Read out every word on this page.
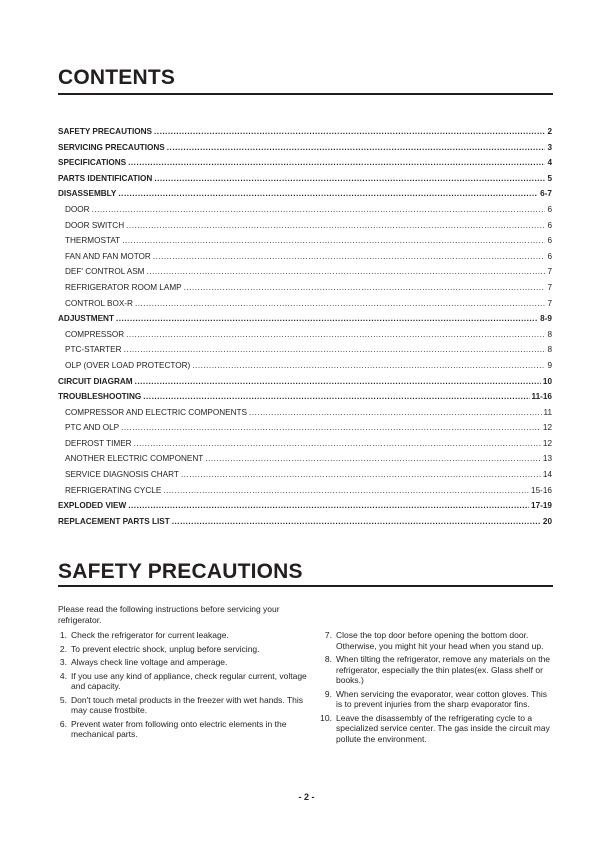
CONTENTS
SAFETY PRECAUTIONS .....	2
SERVICING PRECAUTIONS .....	3
SPECIFICATIONS .....	4
PARTS IDENTIFICATION .....	5
DISASSEMBLY .....	6-7
DOOR .....	6
DOOR SWITCH .....	6
THERMOSTAT .....	6
FAN AND FAN MOTOR .....	6
DEF' CONTROL ASM .....	7
REFRIGERATOR ROOM LAMP .....	7
CONTROL BOX-R .....	7
ADJUSTMENT .....	8-9
COMPRESSOR .....	8
PTC-STARTER .....	8
OLP (OVER LOAD PROTECTOR) .....	9
CIRCUIT DIAGRAM .....	10
TROUBLESHOOTING .....	11-16
COMPRESSOR AND ELECTRIC COMPONENTS .....	11
PTC AND OLP .....	12
DEFROST TIMER .....	12
ANOTHER ELECTRIC COMPONENT .....	13
SERVICE DIAGNOSIS CHART .....	14
REFRIGERATING CYCLE .....	15-16
EXPLODED VIEW .....	17-19
REPLACEMENT PARTS LIST .....	20
SAFETY PRECAUTIONS

Please read the following instructions before servicing your refrigerator.

1. Check the refrigerator for current leakage.
2. To prevent electric shock, unplug before servicing.
3. Always check line voltage and amperage.
4. If you use any kind of appliance, check regular current, voltage and capacity.
5. Don't touch metal products in the freezer with wet hands. This may cause frostbite.
6. Prevent water from following onto electric elements in the mechanical parts.
7. Close the top door before opening the bottom door. Otherwise, you might hit your head when you stand up.
8. When tilting the refrigerator, remove any materials on the refrigerator, especially the thin plates(ex. Glass shelf or books.)
9. When servicing the evaporator, wear cotton gloves. This is to prevent injuries from the sharp evaporator fins.
10. Leave the disassembly of the refrigerating cycle to a specialized service center. The gas inside the circuit may pollute the environment.
- 2 -
